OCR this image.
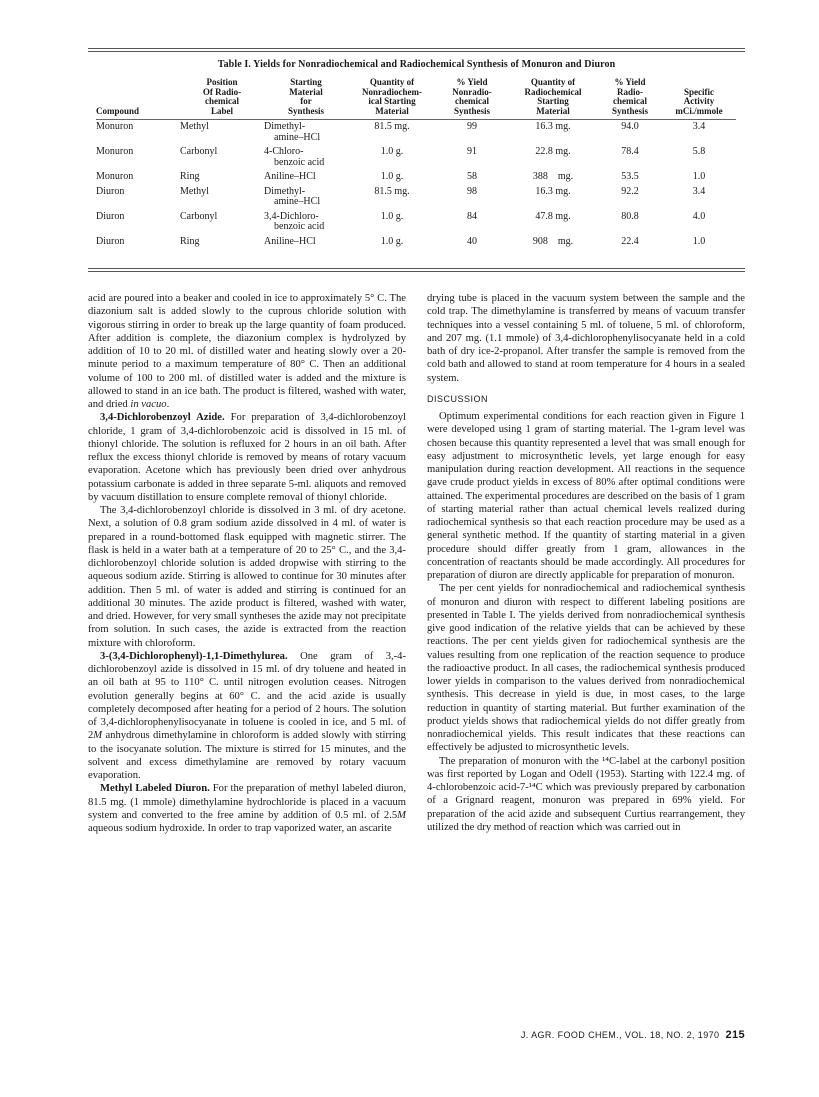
Table I. Yields for Nonradiochemical and Radiochemical Synthesis of Monuron and Diuron
Compound	Position
Of Radio-
chemical
Label	Starting
Material
for
Synthesis	Quantity of
Nonradiochem-
ical Starting
Material	% Yield
Nonradio-
chemical
Synthesis	Quantity of
Radiochemical
Starting
Material	% Yield
Radio-
chemical
Synthesis	Specific
Activity
mCi./mmole
Monuron	Methyl	Dimethyl-
amine–HCl	81.5 mg.	99	16.3 mg.	94.0	3.4
Monuron	Carbonyl	4-Chloro-
benzoic acid	1.0 g.	91	22.8 mg.	78.4	5.8
Monuron	Ring	Aniline–HCl	1.0 g.	58	388    mg.	53.5	1.0
Diuron	Methyl	Dimethyl-
amine–HCl	81.5 mg.	98	16.3 mg.	92.2	3.4
Diuron	Carbonyl	3,4-Dichloro-
benzoic acid	1.0 g.	84	47.8 mg.	80.8	4.0
Diuron	Ring	Aniline–HCl	1.0 g.	40	908    mg.	22.4	1.0

acid are poured into a beaker and cooled in ice to approximately 5° C. The diazonium salt is added slowly to the cuprous chloride solution with vigorous stirring in order to break up the large quantity of foam produced. After addition is complete, the diazonium complex is hydrolyzed by addition of 10 to 20 ml. of distilled water and heating slowly over a 20-minute period to a maximum temperature of 80° C. Then an additional volume of 100 to 200 ml. of distilled water is added and the mixture is allowed to stand in an ice bath. The product is filtered, washed with water, and dried in vacuo.

3,4-Dichlorobenzoyl Azide. For preparation of 3,4-dichlorobenzoyl chloride, 1 gram of 3,4-dichlorobenzoic acid is dissolved in 15 ml. of thionyl chloride. The solution is refluxed for 2 hours in an oil bath. After reflux the excess thionyl chloride is removed by means of rotary vacuum evaporation. Acetone which has previously been dried over anhydrous potassium carbonate is added in three separate 5-ml. aliquots and removed by vacuum distillation to ensure complete removal of thionyl chloride.

The 3,4-dichlorobenzoyl chloride is dissolved in 3 ml. of dry acetone. Next, a solution of 0.8 gram sodium azide dissolved in 4 ml. of water is prepared in a round-bottomed flask equipped with magnetic stirrer. The flask is held in a water bath at a temperature of 20 to 25° C., and the 3,4-dichlorobenzoyl chloride solution is added dropwise with stirring to the aqueous sodium azide. Stirring is allowed to continue for 30 minutes after addition. Then 5 ml. of water is added and stirring is continued for an additional 30 minutes. The azide product is filtered, washed with water, and dried. However, for very small syntheses the azide may not precipitate from solution. In such cases, the azide is extracted from the reaction mixture with chloroform.

3-(3,4-Dichlorophenyl)-1,1-Dimethylurea. One gram of 3,-4-dichlorobenzoyl azide is dissolved in 15 ml. of dry toluene and heated in an oil bath at 95 to 110° C. until nitrogen evolution ceases. Nitrogen evolution generally begins at 60° C. and the acid azide is usually completely decomposed after heating for a period of 2 hours. The solution of 3,4-dichlorophenylisocyanate in toluene is cooled in ice, and 5 ml. of 2M anhydrous dimethylamine in chloroform is added slowly with stirring to the isocyanate solution. The mixture is stirred for 15 minutes, and the solvent and excess dimethylamine are removed by rotary vacuum evaporation.

Methyl Labeled Diuron. For the preparation of methyl labeled diuron, 81.5 mg. (1 mmole) dimethylamine hydrochloride is placed in a vacuum system and converted to the free amine by addition of 0.5 ml. of 2.5M aqueous sodium hydroxide. In order to trap vaporized water, an ascarite

drying tube is placed in the vacuum system between the sample and the cold trap. The dimethylamine is transferred by means of vacuum transfer techniques into a vessel containing 5 ml. of toluene, 5 ml. of chloroform, and 207 mg. (1.1 mmole) of 3,4-dichlorophenylisocyanate held in a cold bath of dry ice-2-propanol. After transfer the sample is removed from the cold bath and allowed to stand at room temperature for 4 hours in a sealed system.

DISCUSSION

Optimum experimental conditions for each reaction given in Figure 1 were developed using 1 gram of starting material. The 1-gram level was chosen because this quantity represented a level that was small enough for easy adjustment to microsynthetic levels, yet large enough for easy manipulation during reaction development. All reactions in the sequence gave crude product yields in excess of 80% after optimal conditions were attained. The experimental procedures are described on the basis of 1 gram of starting material rather than actual chemical levels realized during radiochemical synthesis so that each reaction procedure may be used as a general synthetic method. If the quantity of starting material in a given procedure should differ greatly from 1 gram, allowances in the concentration of reactants should be made accordingly. All procedures for preparation of diuron are directly applicable for preparation of monuron.

The per cent yields for nonradiochemical and radiochemical synthesis of monuron and diuron with respect to different labeling positions are presented in Table I. The yields derived from nonradiochemical synthesis give good indication of the relative yields that can be achieved by these reactions. The per cent yields given for radiochemical synthesis are the values resulting from one replication of the reaction sequence to produce the radioactive product. In all cases, the radiochemical synthesis produced lower yields in comparison to the values derived from nonradiochemical synthesis. This decrease in yield is due, in most cases, to the large reduction in quantity of starting material. But further examination of the product yields shows that radiochemical yields do not differ greatly from nonradiochemical yields. This result indicates that these reactions can effectively be adjusted to microsynthetic levels.

The preparation of monuron with the ¹⁴C-label at the carbonyl position was first reported by Logan and Odell (1953). Starting with 122.4 mg. of 4-chlorobenzoic acid-7-¹⁴C which was previously prepared by carbonation of a Grignard reagent, monuron was prepared in 69% yield. For preparation of the acid azide and subsequent Curtius rearrangement, they utilized the dry method of reaction which was carried out in

J. AGR. FOOD CHEM., VOL. 18, NO. 2, 1970 215
